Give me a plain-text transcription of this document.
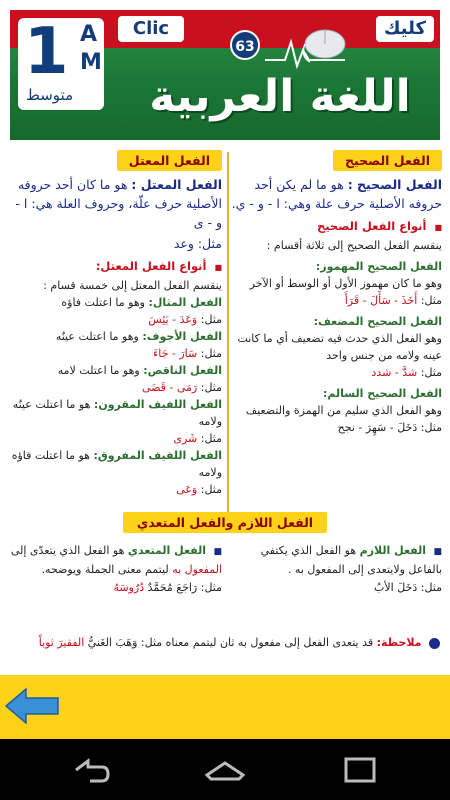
1 A
M
متوسط
Clic	كليك
63
اللغة العربية
الفعل الصحيح

الفعل الصحيح : هو ما لم يكن أحد حروفه الأصلية حرف علة وهي: ا - و - ي.

■ أنواع الفعل الصحيح

ينقسم الفعل الصحيح إلى ثلاثة أقسام :

الفعل الصحيح المهموز:

وهو ما كان مهموز الأول أو الوسط أو الآخر مثل: أَخَذَ - سَأَلَ - قَرَأَ

الفعل الصحيح المضعف:

وهو الفعل الذي حدث فيه تضعيف أي ما كانت عينه ولامه من جنس واحد

مثل: شدَّ - شدد

الفعل الصحيح السالم:

وهو الفعل الذي سليم من الهمزة والتضعيف مثل: دَخَلَ - سَهِرَ - نجح

الفعل المعتل

الفعل المعتل : هو ما كان أحد حروفه الأصلية حرف علّة، وحروف العلة هي: ا - و - ى

مثل: وعد

■ أنواع الفعل المعتل:

ينقسم الفعل المعتل إلى خمسة قسام :

الفعل المثال: وهو ما اعتلت فاؤه

مثل: وَعَدَ - يَئِسَ

الفعل الأجوف: وهو ما اعتلت عينُه

مثل: سَارَ - جَاءَ

الفعل الناقص: وهو ما اعتلت لامه

مثل: رَمَى - قَضَى

الفعل اللفيف المقرون: هو ما اعتلت عينُه ولامه

مثل: شَرى

الفعل اللفيف المفروق: هو ما اعتلت فاؤه ولامه

مثل: وَعَى

الفعل اللازم والفعل المتعدي

■ الفعل اللازم هو الفعل الذي يكتفي بالفاعل ولايتعدى إلى المفعول به .

مثل: دَخَلَ الأبُ

■ الفعل المتعدي هو الفعل الذي يتعدّى إلى المفعول به ليتمم معنى الجملة ويوضحه.

مثل: رَاجَعَ مُحَمَّدٌ دُرُوسَهُ

ملاحظة: قد يتعدى الفعل إلى مفعول به ثان ليتمم معناه مثل: وَهَبَ الغَنيُّ الفقيرَ ثوباً
